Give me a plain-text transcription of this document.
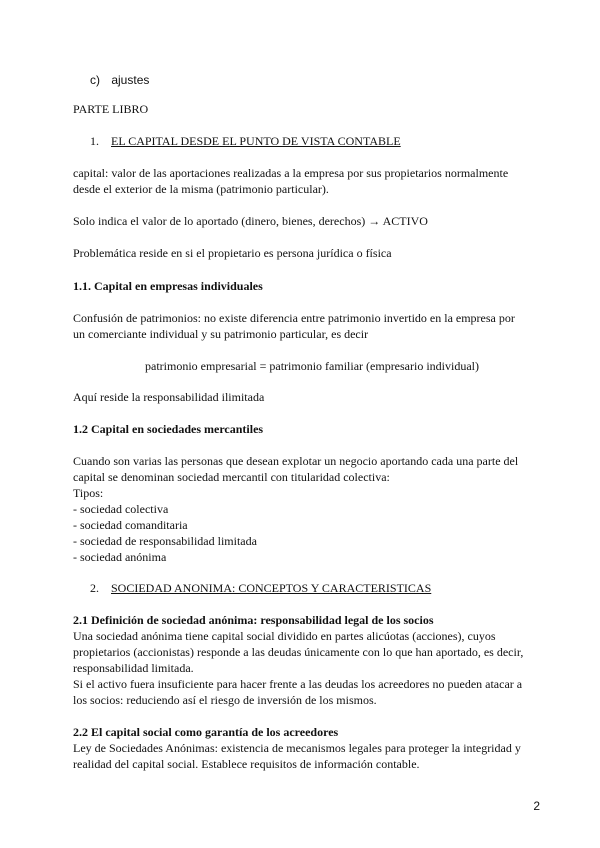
c) ajustes
PARTE LIBRO
1. EL CAPITAL DESDE EL PUNTO DE VISTA CONTABLE
capital: valor de las aportaciones realizadas a la empresa por sus propietarios normalmente
desde el exterior de la misma (patrimonio particular).
Solo indica el valor de lo aportado (dinero, bienes, derechos) → ACTIVO
Problemática reside en si el propietario es persona jurídica o física
1.1. Capital en empresas individuales
Confusión de patrimonios: no existe diferencia entre patrimonio invertido en la empresa por
un comerciante individual y su patrimonio particular, es decir
patrimonio empresarial = patrimonio familiar (empresario individual)
Aquí reside la responsabilidad ilimitada
1.2 Capital en sociedades mercantiles
Cuando son varias las personas que desean explotar un negocio aportando cada una parte del
capital se denominan sociedad mercantil con titularidad colectiva:
Tipos:
- sociedad colectiva
- sociedad comanditaria
- sociedad de responsabilidad limitada
- sociedad anónima
2. SOCIEDAD ANONIMA: CONCEPTOS Y CARACTERISTICAS
2.1 Definición de sociedad anónima: responsabilidad legal de los socios
Una sociedad anónima tiene capital social dividido en partes alicúotas (acciones), cuyos
propietarios (accionistas) responde a las deudas únicamente con lo que han aportado, es decir,
responsabilidad limitada.
Si el activo fuera insuficiente para hacer frente a las deudas los acreedores no pueden atacar a
los socios: reduciendo así el riesgo de inversión de los mismos.
2.2 El capital social como garantía de los acreedores
Ley de Sociedades Anónimas: existencia de mecanismos legales para proteger la integridad y
realidad del capital social. Establece requisitos de información contable.
2
